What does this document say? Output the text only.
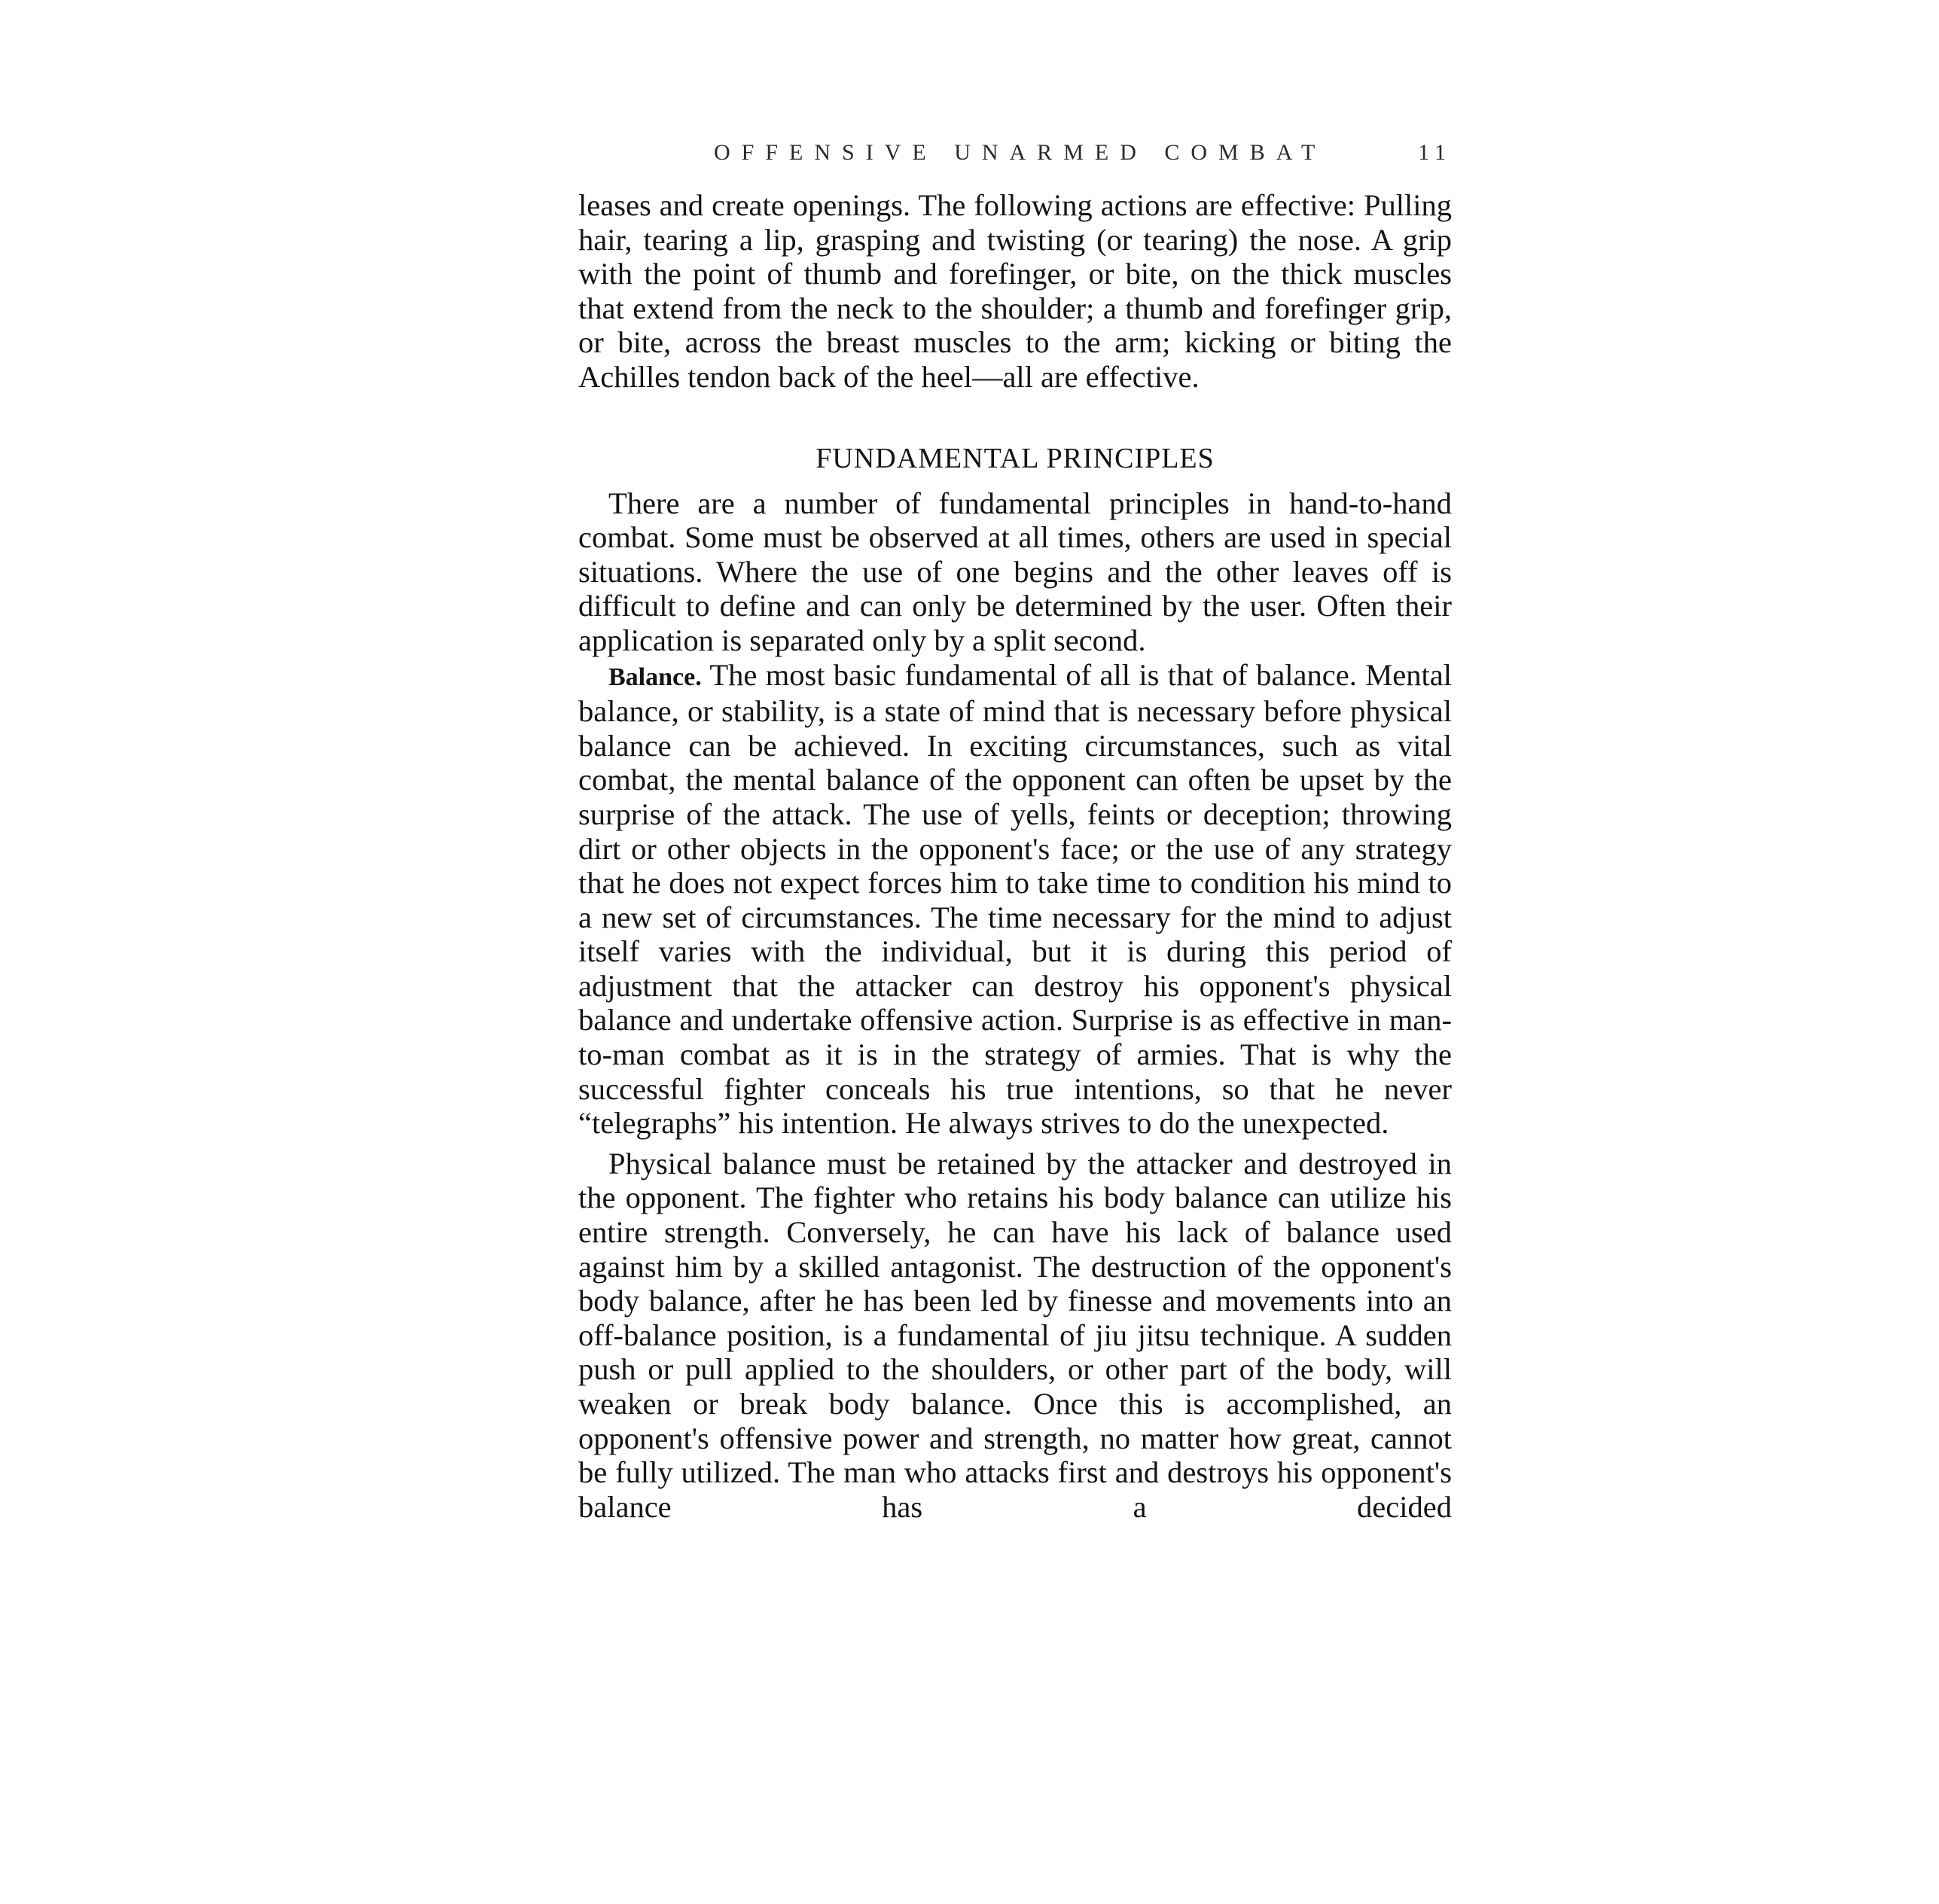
OFFENSIVE UNARMED COMBAT	11

leases and create openings. The following actions are effective: Pulling hair, tearing a lip, grasping and twisting (or tearing) the nose. A grip with the point of thumb and forefinger, or bite, on the thick muscles that extend from the neck to the shoulder; a thumb and forefinger grip, or bite, across the breast muscles to the arm; kicking or biting the Achilles tendon back of the heel—all are effective.

FUNDAMENTAL PRINCIPLES

There are a number of fundamental principles in hand-to-hand combat. Some must be observed at all times, others are used in special situations. Where the use of one begins and the other leaves off is difficult to define and can only be determined by the user. Often their application is separated only by a split second.

Balance. The most basic fundamental of all is that of balance. Mental balance, or stability, is a state of mind that is necessary before physical balance can be achieved. In exciting circumstances, such as vital combat, the mental balance of the opponent can often be upset by the surprise of the attack. The use of yells, feints or deception; throwing dirt or other objects in the opponent's face; or the use of any strategy that he does not expect forces him to take time to condition his mind to a new set of circumstances. The time necessary for the mind to adjust itself varies with the individual, but it is during this period of adjustment that the attacker can destroy his opponent's physical balance and undertake offensive action. Surprise is as effective in man-to-man combat as it is in the strategy of armies. That is why the successful fighter conceals his true intentions, so that he never “telegraphs” his intention. He always strives to do the unexpected.

Physical balance must be retained by the attacker and destroyed in the opponent. The fighter who retains his body balance can utilize his entire strength. Conversely, he can have his lack of balance used against him by a skilled antagonist. The destruction of the opponent's body balance, after he has been led by finesse and movements into an off-balance position, is a fundamental of jiu jitsu technique. A sudden push or pull applied to the shoulders, or other part of the body, will weaken or break body balance. Once this is accomplished, an opponent's offensive power and strength, no matter how great, cannot be fully utilized. The man who attacks first and destroys his opponent's balance has a decided
